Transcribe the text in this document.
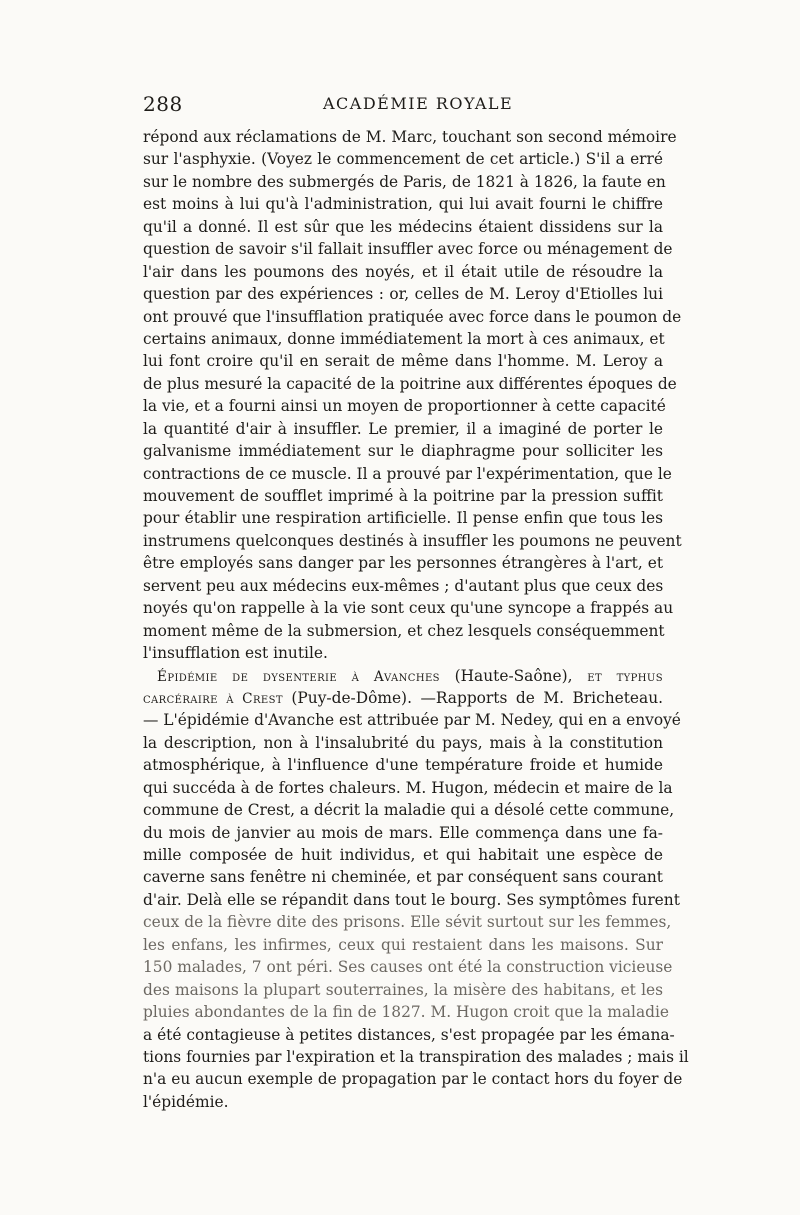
288	ACADÉMIE ROYALE
répond aux réclamations de M. Marc, touchant son second mémoire
sur l'asphyxie. (Voyez le commencement de cet article.) S'il a erré
sur le nombre des submergés de Paris, de 1821 à 1826, la faute en
est moins à lui qu'à l'administration, qui lui avait fourni le chiffre
qu'il a donné. Il est sûr que les médecins étaient dissidens sur la
question de savoir s'il fallait insuffler avec force ou ménagement de
l'air dans les poumons des noyés, et il était utile de résoudre la
question par des expériences : or, celles de M. Leroy d'Etiolles lui
ont prouvé que l'insufflation pratiquée avec force dans le poumon de
certains animaux, donne immédiatement la mort à ces animaux, et
lui font croire qu'il en serait de même dans l'homme. M. Leroy a
de plus mesuré la capacité de la poitrine aux différentes époques de
la vie, et a fourni ainsi un moyen de proportionner à cette capacité
la quantité d'air à insuffler. Le premier, il a imaginé de porter le
galvanisme immédiatement sur le diaphragme pour solliciter les
contractions de ce muscle. Il a prouvé par l'expérimentation, que le
mouvement de soufflet imprimé à la poitrine par la pression suffit
pour établir une respiration artificielle. Il pense enfin que tous les
instrumens quelconques destinés à insuffler les poumons ne peuvent
être employés sans danger par les personnes étrangères à l'art, et
servent peu aux médecins eux-mêmes ; d'autant plus que ceux des
noyés qu'on rappelle à la vie sont ceux qu'une syncope a frappés au
moment même de la submersion, et chez lesquels conséquemment
l'insufflation est inutile.
Épidémie de dysenterie à Avanches (Haute-Saône), et typhus
carcéraire à Crest (Puy-de-Dôme). —Rapports de M. Bricheteau.
— L'épidémie d'Avanche est attribuée par M. Nedey, qui en a envoyé
la description, non à l'insalubrité du pays, mais à la constitution
atmosphérique, à l'influence d'une température froide et humide
qui succéda à de fortes chaleurs. M. Hugon, médecin et maire de la
commune de Crest, a décrit la maladie qui a désolé cette commune,
du mois de janvier au mois de mars. Elle commença dans une fa-
mille composée de huit individus, et qui habitait une espèce de
caverne sans fenêtre ni cheminée, et par conséquent sans courant
d'air. Delà elle se répandit dans tout le bourg. Ses symptômes furent
ceux de la fièvre dite des prisons. Elle sévit surtout sur les femmes,
les enfans, les infirmes, ceux qui restaient dans les maisons. Sur
150 malades, 7 ont péri. Ses causes ont été la construction vicieuse
des maisons la plupart souterraines, la misère des habitans, et les
pluies abondantes de la fin de 1827. M. Hugon croit que la maladie
a été contagieuse à petites distances, s'est propagée par les émana-
tions fournies par l'expiration et la transpiration des malades ; mais il
n'a eu aucun exemple de propagation par le contact hors du foyer de
l'épidémie.
